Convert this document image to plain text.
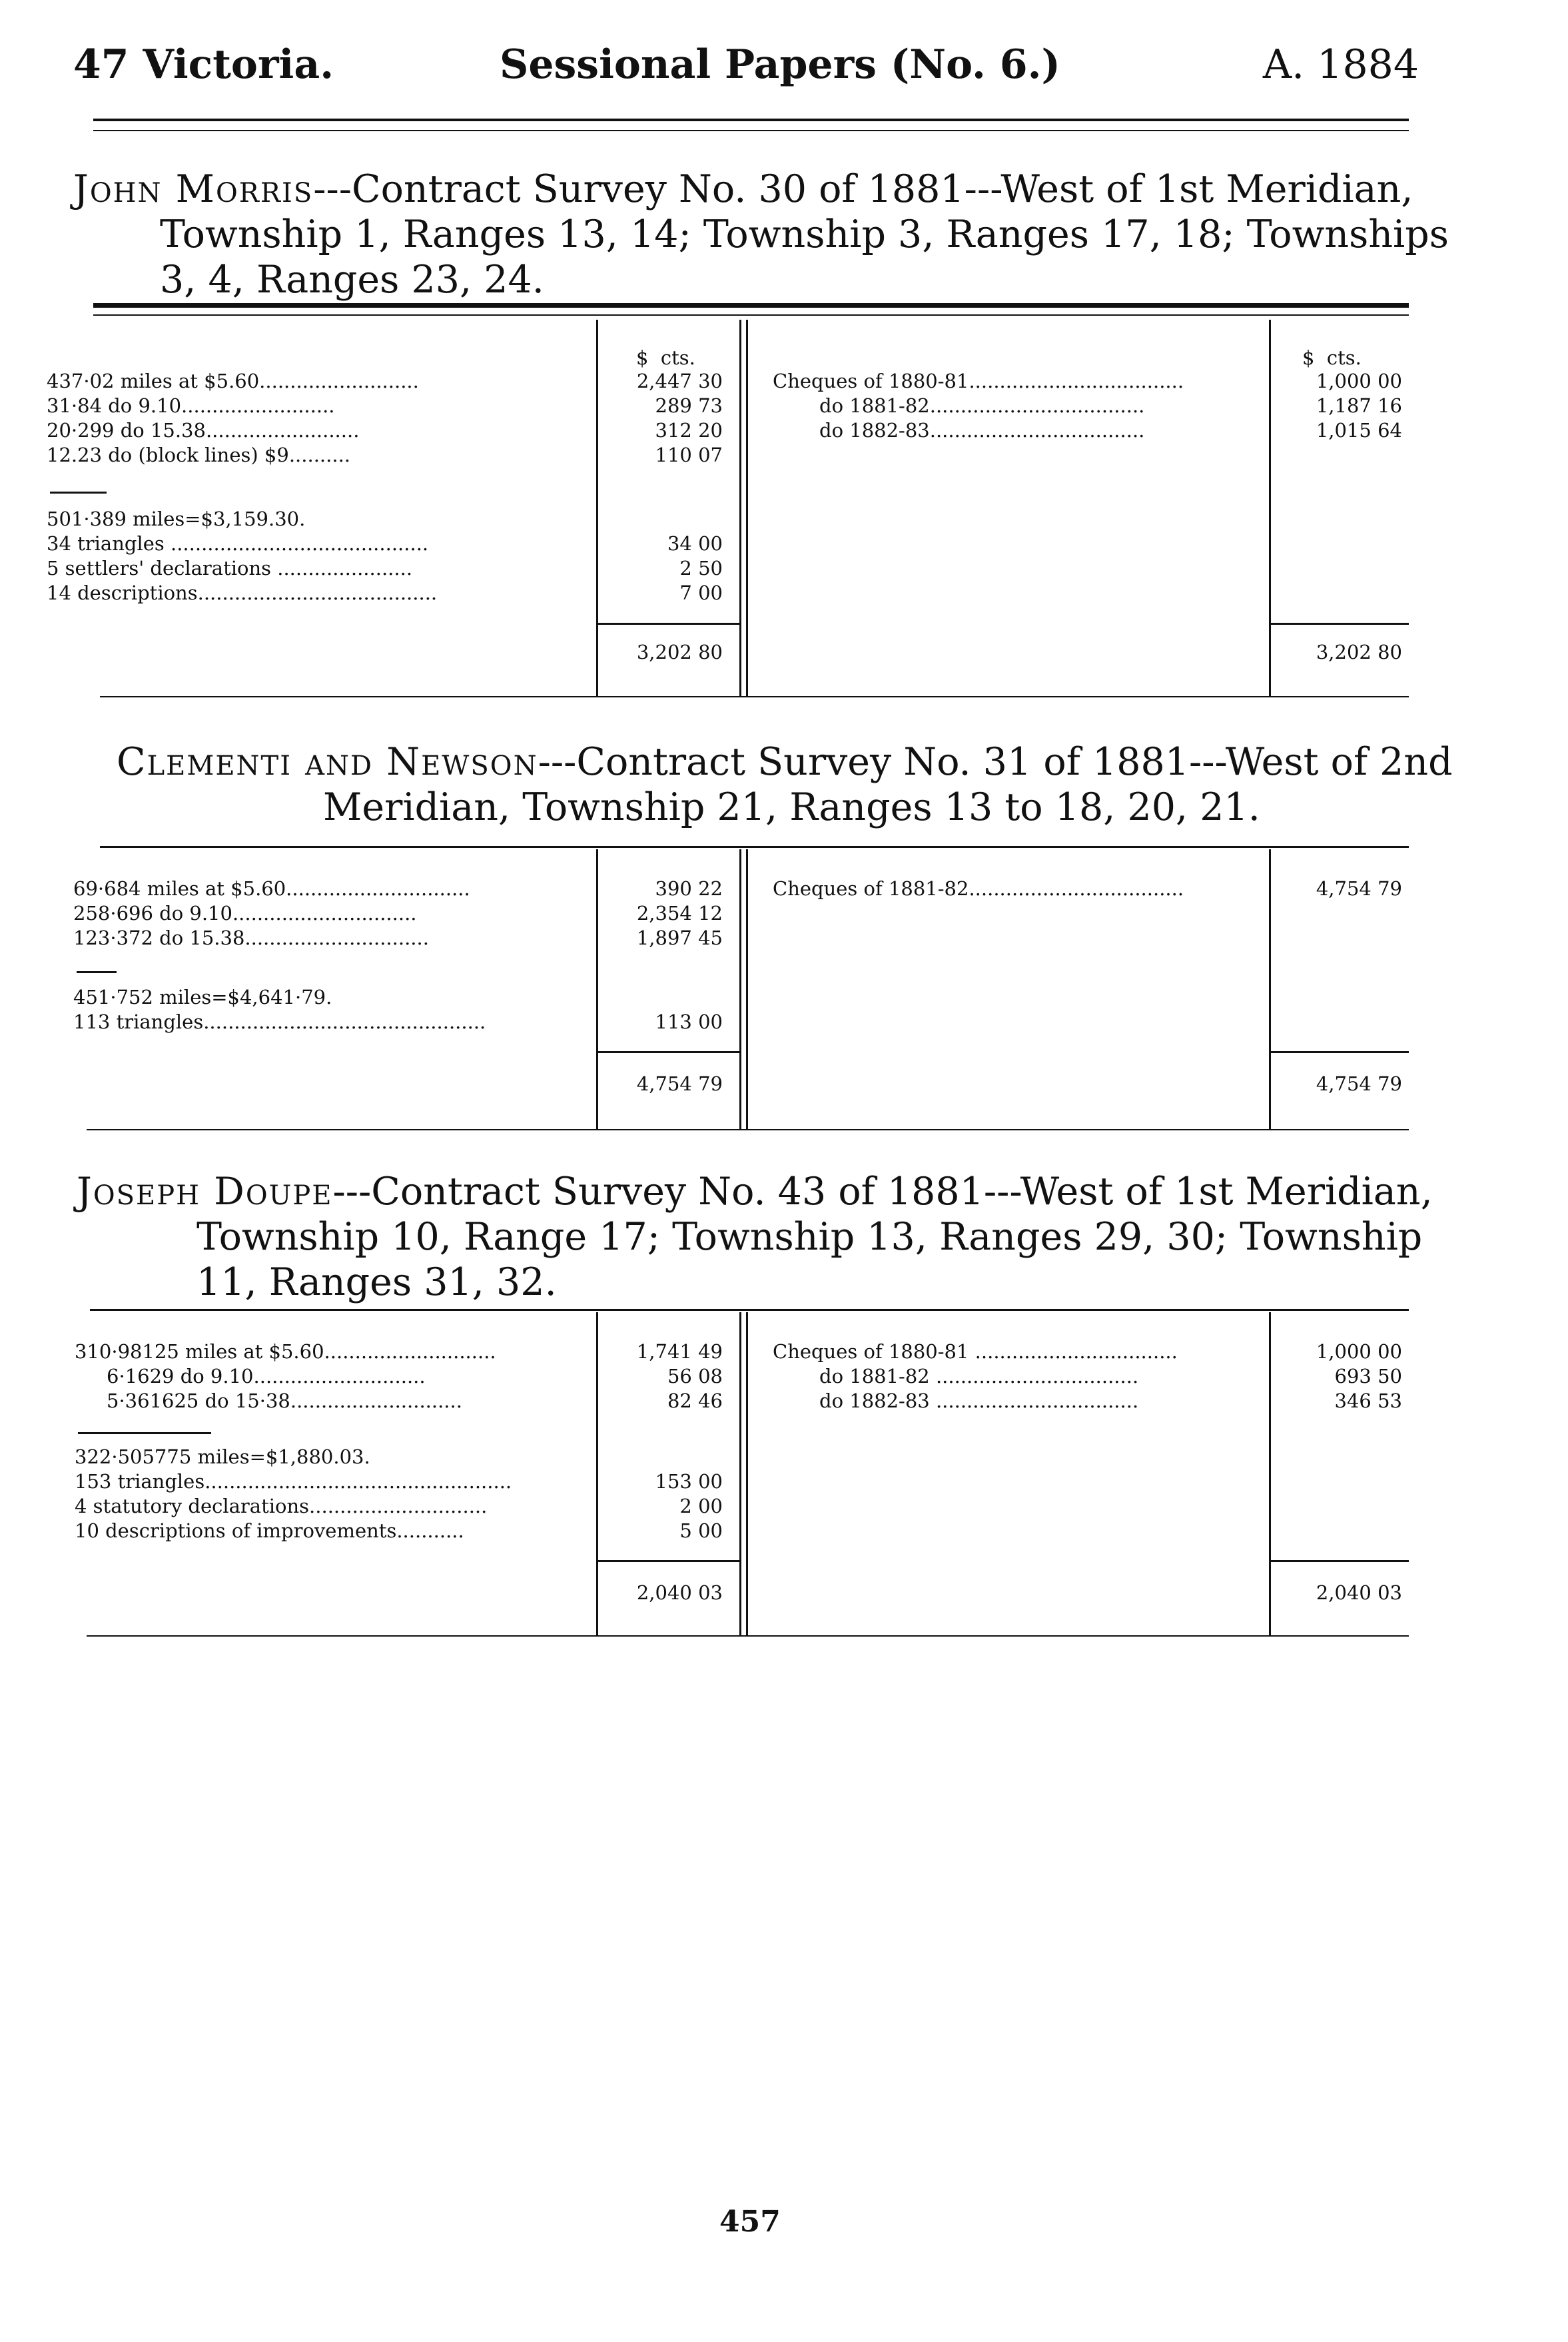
47 Victoria.	Sessional Papers (No. 6.)	A. 1884
John Morris---Contract Survey No. 30 of 1881---West of 1st Meridian,
Township 1, Ranges 13, 14; Township 3, Ranges 17, 18; Townships
3, 4, Ranges 23, 24.
$ cts.	$ cts.
437·02 miles at $5.60..........................	2,447 30
31·84 do 9.10.........................	289 73
20·299 do 15.38.........................	312 20
12.23 do (block lines) $9..........	110 07
501·389 miles=$3,159.30.
34 triangles ..........................................	34 00
5 settlers' declarations ......................	2 50
14 descriptions.......................................	7 00
3,202 80
Cheques of 1880-81...................................	1,000 00
do 1881-82...................................	1,187 16
do 1882-83...................................	1,015 64
3,202 80
Clementi and Newson---Contract Survey No. 31 of 1881---West of 2nd
Meridian, Township 21, Ranges 13 to 18, 20, 21.
69·684 miles at $5.60..............................	390 22
258·696 do 9.10..............................	2,354 12
123·372 do 15.38..............................	1,897 45
451·752 miles=$4,641·79.
113 triangles..............................................	113 00
4,754 79
Cheques of 1881-82...................................	4,754 79
4,754 79
Joseph Doupe---Contract Survey No. 43 of 1881---West of 1st Meridian,
Township 10, Range 17; Township 13, Ranges 29, 30; Township
11, Ranges 31, 32.
310·98125 miles at $5.60............................	1,741 49
6·1629 do 9.10............................	56 08
5·361625 do 15·38............................	82 46
322·505775 miles=$1,880.03.
153 triangles..................................................	153 00
4 statutory declarations.............................	2 00
10 descriptions of improvements...........	5 00
2,040 03
Cheques of 1880-81 .................................	1,000 00
do 1881-82 .................................	693 50
do 1882-83 .................................	346 53
2,040 03
457
